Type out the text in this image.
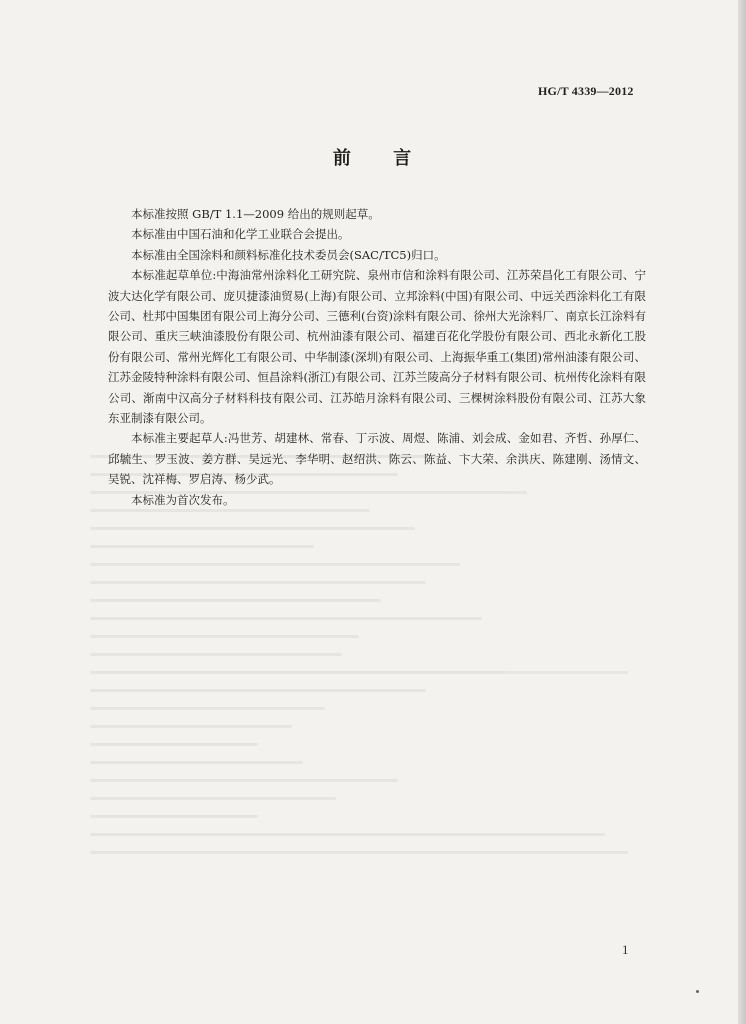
HG/T 4339—2012
前 言

本标准按照 GB/T 1.1—2009 给出的规则起草。

本标准由中国石油和化学工业联合会提出。

本标准由全国涂料和颜料标准化技术委员会(SAC/TC5)归口。

本标准起草单位:中海油常州涂料化工研究院、泉州市信和涂料有限公司、江苏荣昌化工有限公司、宁波大达化学有限公司、庞贝捷漆油贸易(上海)有限公司、立邦涂料(中国)有限公司、中远关西涂料化工有限公司、杜邦中国集团有限公司上海分公司、三德利(台资)涂料有限公司、徐州大光涂料厂、南京长江涂料有限公司、重庆三峡油漆股份有限公司、杭州油漆有限公司、福建百花化学股份有限公司、西北永新化工股份有限公司、常州光辉化工有限公司、中华制漆(深圳)有限公司、上海振华重工(集团)常州油漆有限公司、江苏金陵特种涂料有限公司、恒昌涂料(浙江)有限公司、江苏兰陵高分子材料有限公司、杭州传化涂料有限公司、渐南中汉高分子材料科技有限公司、江苏皓月涂料有限公司、三棵树涂料股份有限公司、江苏大象东亚制漆有限公司。

本标准主要起草人:冯世芳、胡建林、常春、丁示波、周煜、陈浦、刘会成、金如君、齐哲、孙厚仁、邱毓生、罗玉波、姜方群、吴远光、李华明、赵绍洪、陈云、陈益、卞大荣、余洪庆、陈建刚、汤情文、吴锐、沈祥梅、罗启涛、杨少武。

本标准为首次发布。

1
